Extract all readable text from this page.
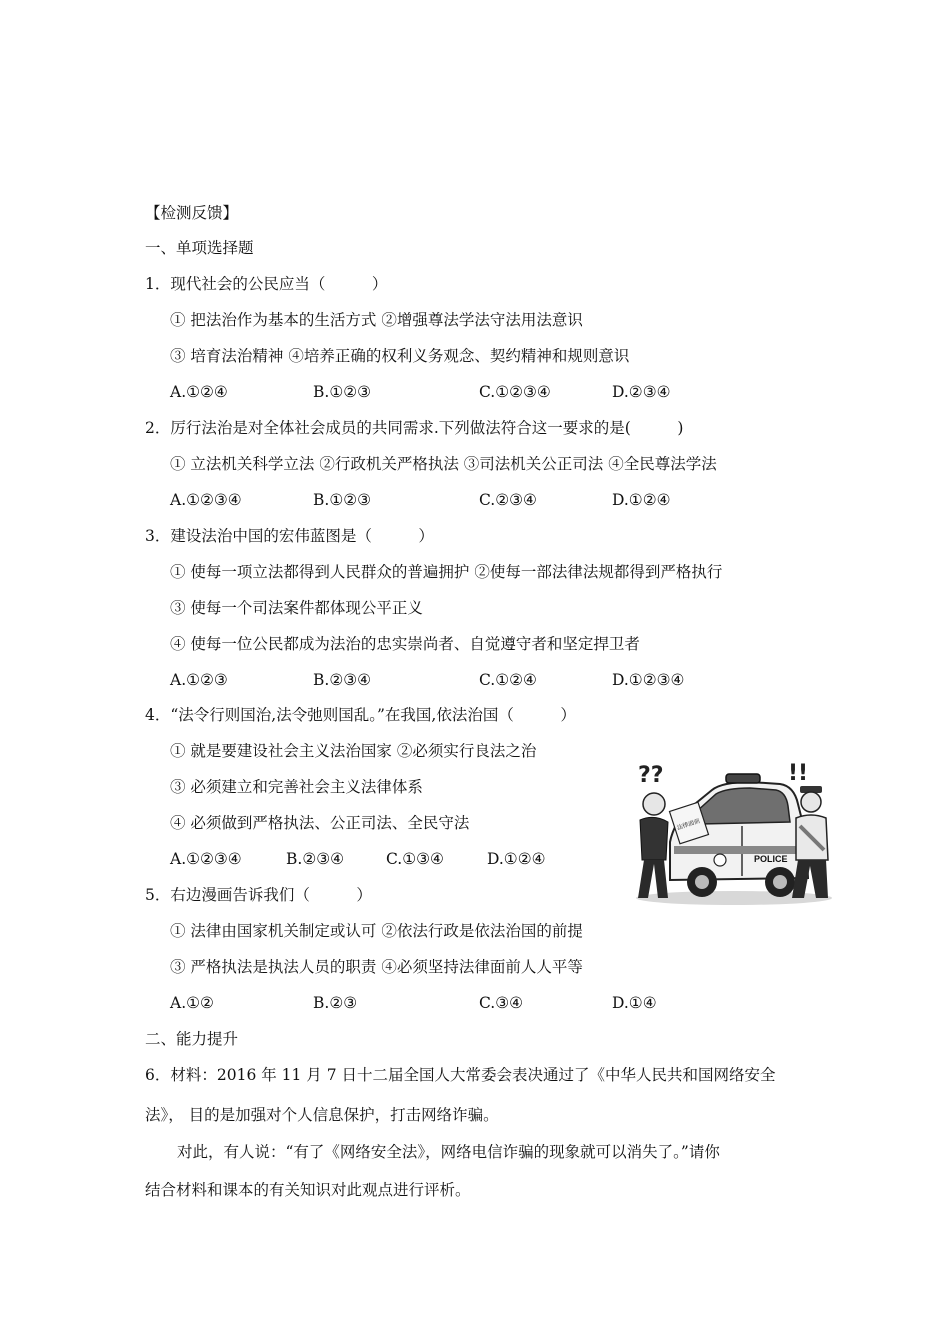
【检测反馈】
一、单项选择题
1．现代社会的公民应当（　　　）
① 把法治作为基本的生活方式 ②增强尊法学法守法用法意识
③ 培育法治精神 ④培养正确的权利义务观念、契约精神和规则意识
A.①②④	B.①②③	C.①②③④	D.②③④
2．厉行法治是对全体社会成员的共同需求.下列做法符合这一要求的是(　　　)
① 立法机关科学立法 ②行政机关严格执法 ③司法机关公正司法 ④全民尊法学法
A.①②③④	B.①②③	C.②③④	D.①②④
3．建设法治中国的宏伟蓝图是（　　　）
① 使每一项立法都得到人民群众的普遍拥护 ②使每一部法律法规都得到严格执行
③ 使每一个司法案件都体现公平正义
④ 使每一位公民都成为法治的忠实崇尚者、自觉遵守者和坚定捍卫者
A.①②③	B.②③④	C.①②④	D.①②③④
4．“法令行则国治,法令弛则国乱。”在我国,依法治国（　　　）
① 就是要建设社会主义法治国家 ②必须实行良法之治
③ 必须建立和完善社会主义法律体系
④ 必须做到严格执法、公正司法、全民守法
A.①②③④	B.②③④	C.①③④	D.①②④
5．右边漫画告诉我们（　　　）
① 法律由国家机关制定或认可 ②依法行政是依法治国的前提
③ 严格执法是执法人员的职责 ④必须坚持法律面前人人平等
A.①②	B.②③	C.③④	D.①④
二、能力提升
6．材料：2016 年 11 月 7 日十二届全国人大常委会表决通过了《中华人民共和国网络安全
法》， 目的是加强对个人信息保护，打击网络诈骗。
对此，有人说：“有了《网络安全法》，网络电信诈骗的现象就可以消失了。”请你
结合材料和课本的有关知识对此观点进行评析。
POLICE
??
法律面前
!!
